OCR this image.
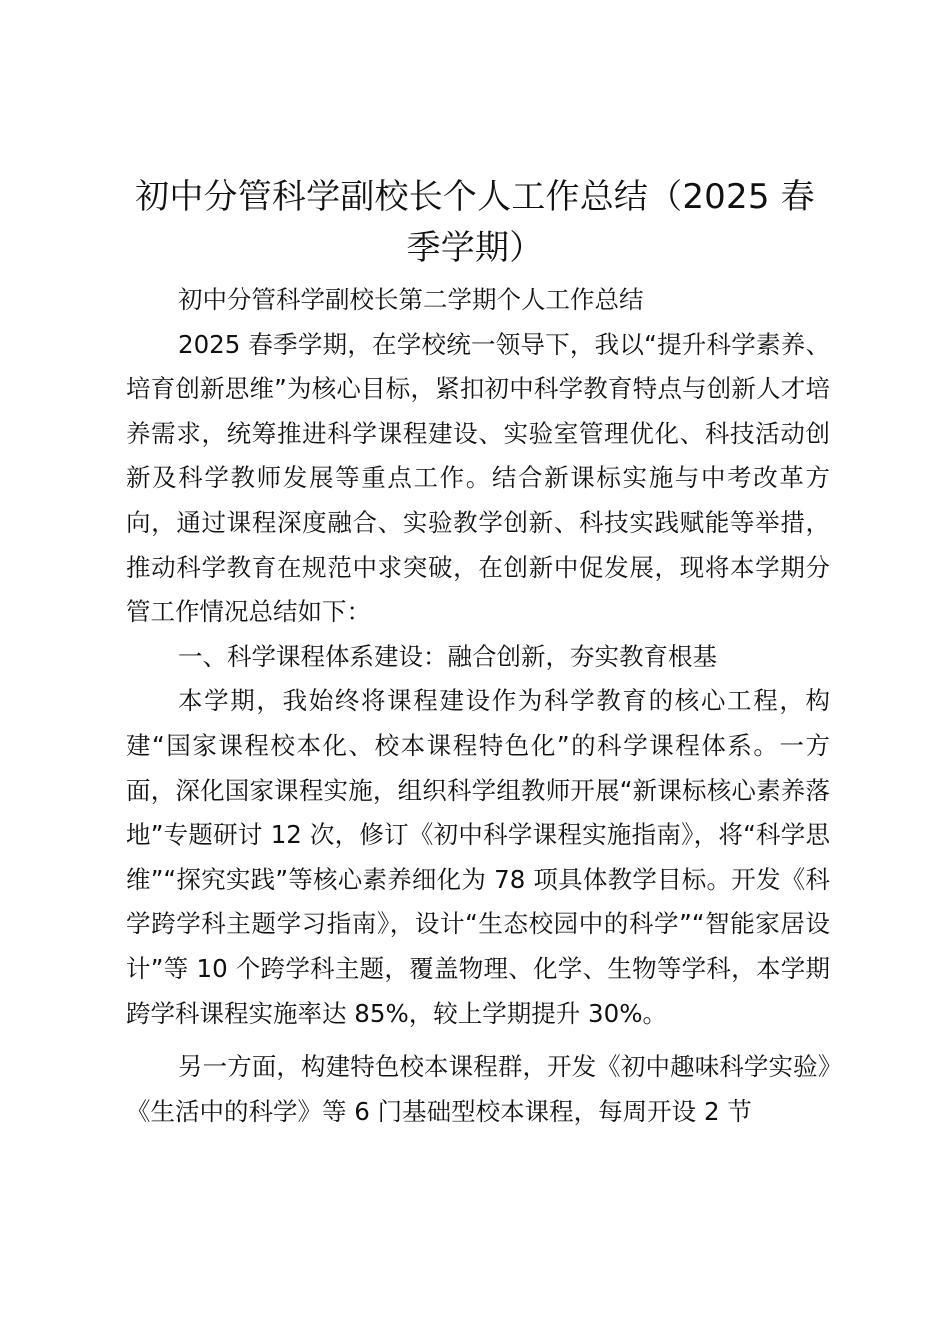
初中分管科学副校长个人工作总结（2025 春季学期）

初中分管科学副校长第二学期个人工作总结

2025 春季学期，在学校统一领导下，我以“提升科学素养、培育创新思维”为核心目标，紧扣初中科学教育特点与创新人才培养需求，统筹推进科学课程建设、实验室管理优化、科技活动创新及科学教师发展等重点工作。结合新课标实施与中考改革方向，通过课程深度融合、实验教学创新、科技实践赋能等举措，推动科学教育在规范中求突破，在创新中促发展，现将本学期分管工作情况总结如下：

一、科学课程体系建设：融合创新，夯实教育根基

本学期，我始终将课程建设作为科学教育的核心工程，构建“国家课程校本化、校本课程特色化”的科学课程体系。一方面，深化国家课程实施，组织科学组教师开展“新课标核心素养落地”专题研讨 12 次，修订《初中科学课程实施指南》，将“科学思维”“探究实践”等核心素养细化为 78 项具体教学目标。开发《科学跨学科主题学习指南》，设计“生态校园中的科学”“智能家居设计”等 10 个跨学科主题，覆盖物理、化学、生物等学科，本学期跨学科课程实施率达 85%，较上学期提升 30%。

另一方面，构建特色校本课程群，开发《初中趣味科学实验》《生活中的科学》等 6 门基础型校本课程，每周开设 2 节
